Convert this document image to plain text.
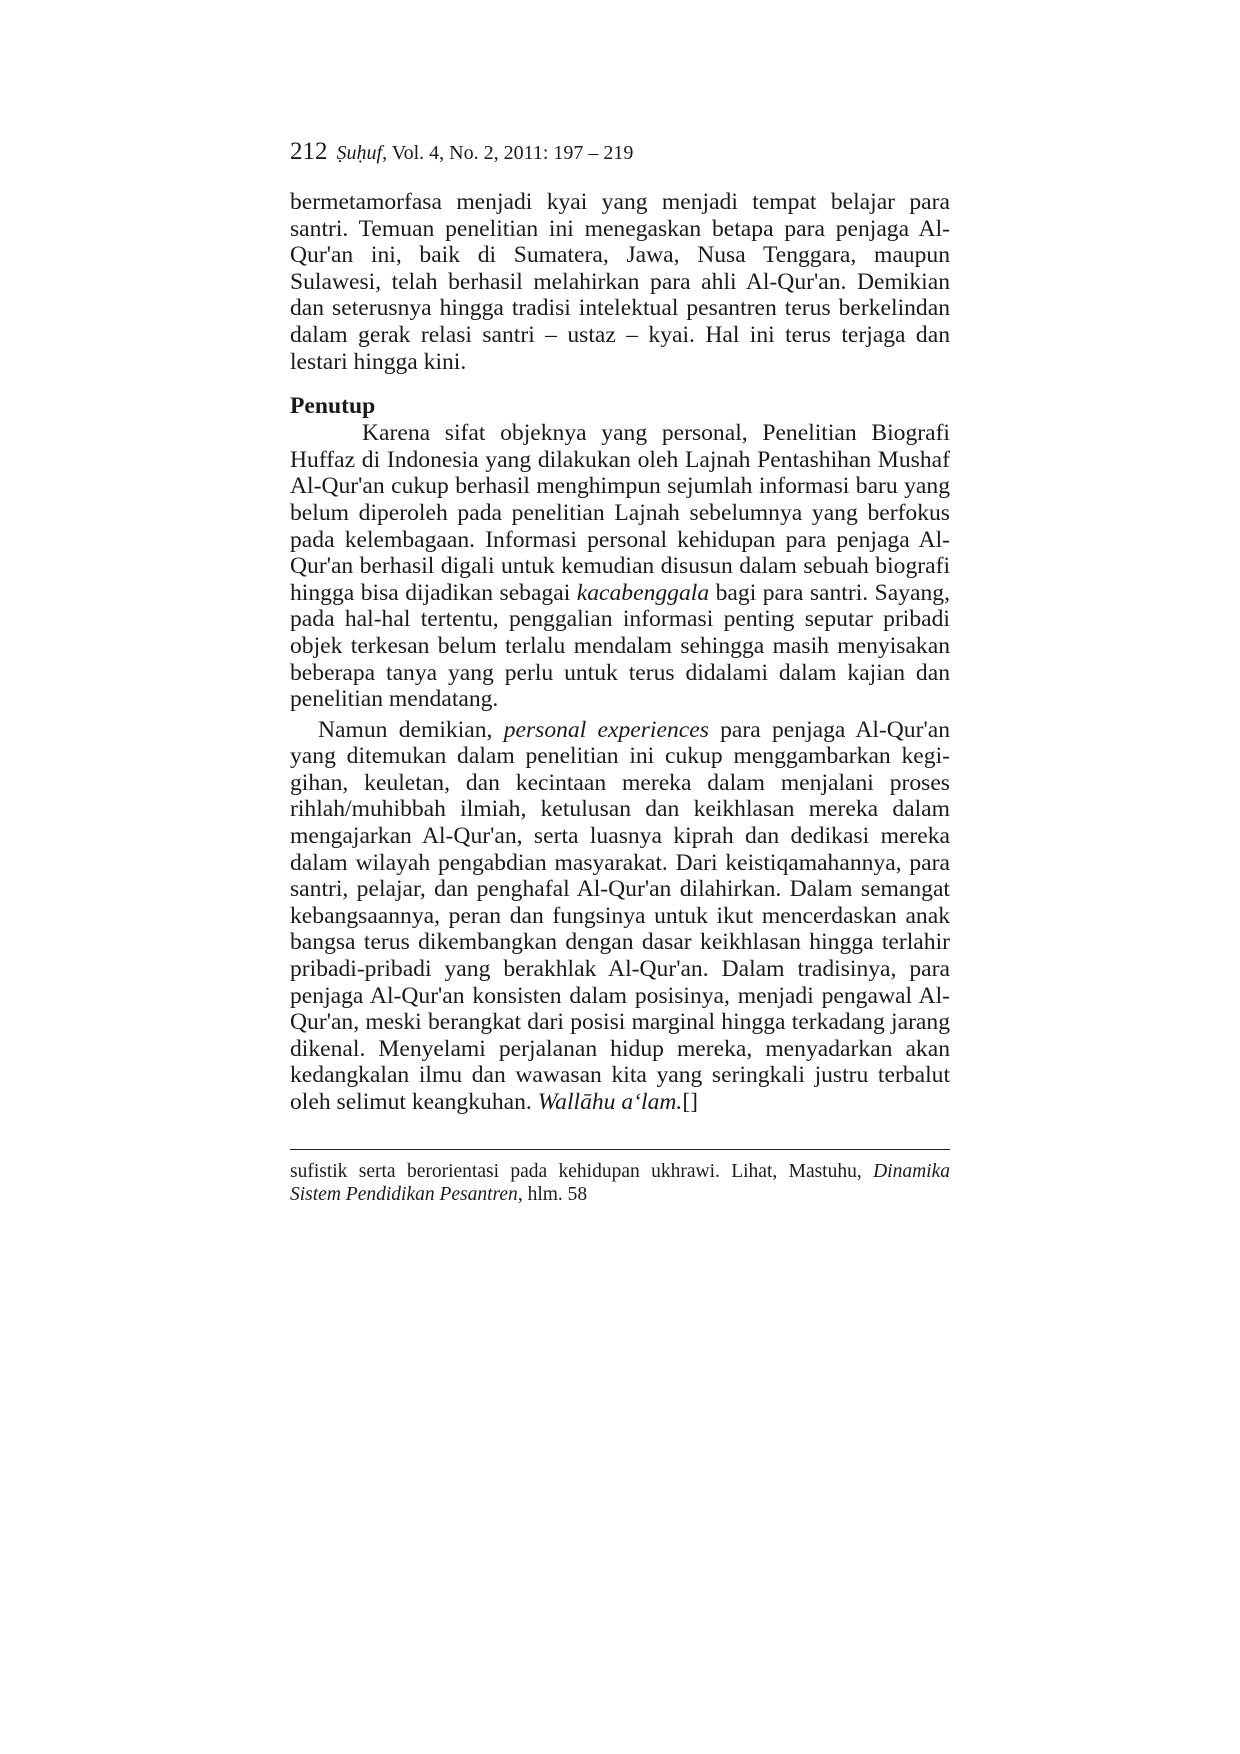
212 Ṣuḥuf, Vol. 4, No. 2, 2011: 197 – 219

bermetamorfasa menjadi kyai yang menjadi tempat belajar para santri. Temuan penelitian ini menegaskan betapa para penjaga Al-Qur'an ini, baik di Sumatera, Jawa, Nusa Tenggara, maupun Sulawesi, telah berhasil melahirkan para ahli Al-Qur'an. Demikian dan seterusnya hingga tradisi intelektual pesantren terus berkelindan dalam gerak relasi santri – ustaz – kyai. Hal ini terus terjaga dan lestari hingga kini.

Penutup

Karena sifat objeknya yang personal, Penelitian Biografi Huffaz di Indonesia yang dilakukan oleh Lajnah Pentashihan Mushaf Al-Qur'an cukup berhasil menghimpun sejumlah informasi baru yang belum diperoleh pada penelitian Lajnah sebelumnya yang berfokus pada kelembagaan. Informasi personal kehidupan para penjaga Al-Qur'an berhasil digali untuk kemudian disusun dalam sebuah biografi hingga bisa dijadikan sebagai kacabenggala bagi para santri. Sayang, pada hal-hal tertentu, penggalian informasi penting seputar pribadi objek terkesan belum terlalu mendalam sehingga masih menyisakan beberapa tanya yang perlu untuk terus didalami dalam kajian dan penelitian mendatang.

Namun demikian, personal experiences para penjaga Al-Qur'an yang ditemukan dalam penelitian ini cukup menggambarkan kegigihan, keuletan, dan kecintaan mereka dalam menjalani proses rihlah/muhibbah ilmiah, ketulusan dan keikhlasan mereka dalam mengajarkan Al-Qur'an, serta luasnya kiprah dan dedikasi mereka dalam wilayah pengabdian masyarakat. Dari keistiqamahannya, para santri, pelajar, dan penghafal Al-Qur'an dilahirkan. Dalam semangat kebangsaannya, peran dan fungsinya untuk ikut mencerdaskan anak bangsa terus dikembangkan dengan dasar keikhlasan hingga terlahir pribadi-pribadi yang berakhlak Al-Qur'an. Dalam tradisinya, para penjaga Al-Qur'an konsisten dalam posisinya, menjadi pengawal Al-Qur'an, meski berangkat dari posisi marginal hingga terkadang jarang dikenal. Menyelami perjalanan hidup mereka, menyadarkan akan kedangkalan ilmu dan wawasan kita yang seringkali justru terbalut oleh selimut keangkuhan. Wallāhu a‘lam.[]

sufistik serta berorientasi pada kehidupan ukhrawi. Lihat, Mastuhu, Dinamika Sistem Pendidikan Pesantren, hlm. 58
